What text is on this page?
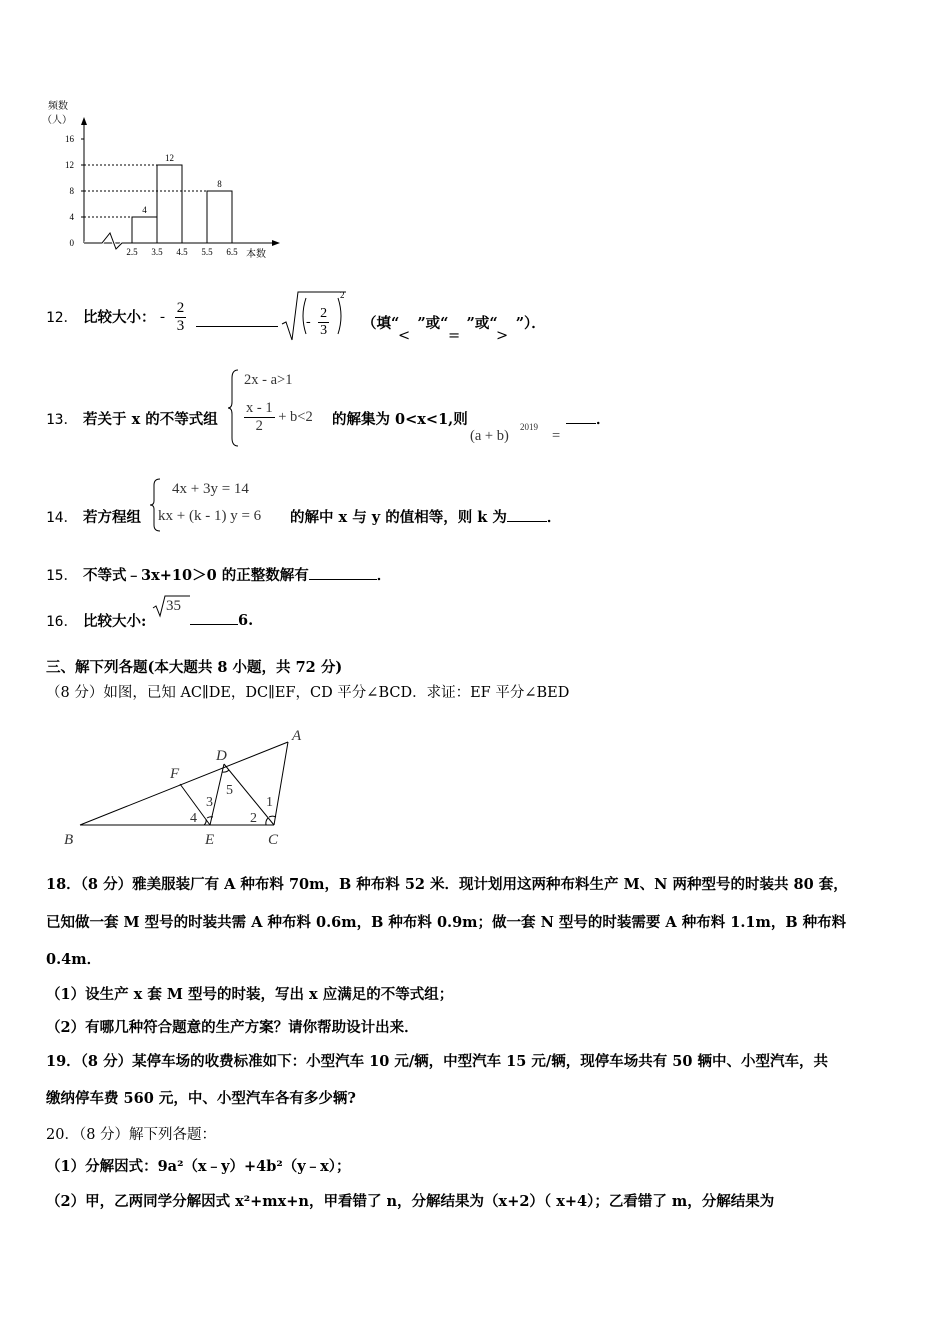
频数
（人）
0
4
8
12
16
2.5 3.5 4.5 5.5 6.5
4
12
8
本数
12． 比较大小： - $\frac{2}{3}$	- $\frac{2}{3}$
2
（填“ ”或“ ”或“ ”）．
<	= >
13． 若关于 x 的不等式组
2x - a>1
$\frac{x - 1}{2} + b<2$ 的解集为 0<x<1,则
(a + b)
2019
=
．
14． 若方程组
4x + 3y = 14
kx + (k - 1) y = 6 的解中 x 与 y 的值相等，则 k 为	．
15． 不等式﹣3x+10＞0 的正整数解有	．
16． 比较大小:
35
6.
三、解下列各题(本大题共 8 小题，共 72 分)
（8 分）如图，已知 AC∥DE，DC∥EF，CD 平分∠BCD．求证：EF 平分∠BED
A
B	C
D
E
F
1
2
3
4
5
18．（8 分）雅美服装厂有 A 种布料 70m，B 种布料 52 米．现计划用这两种布料生产 M、N 两种型号的时装共 80 套，
已知做一套 M 型号的时装共需 A 种布料 0.6m，B 种布料 0.9m；做一套 N 型号的时装需要 A 种布料 1.1m，B 种布料
0.4m．
（1）设生产 x 套 M 型号的时装，写出 x 应满足的不等式组；
（2）有哪几种符合题意的生产方案？请你帮助设计出来．
19．（8 分）某停车场的收费标准如下：小型汽车 10 元/辆，中型汽车 15 元/辆，现停车场共有 50 辆中、小型汽车，共
缴纳停车费 560 元，中、小型汽车各有多少辆?
20．（8 分）解下列各题：
（1）分解因式：9a²（x﹣y）+4b²（y﹣x）；
（2）甲，乙两同学分解因式 x²+mx+n，甲看错了 n，分解结果为（x+2）（ x+4）；乙看错了 m，分解结果为
